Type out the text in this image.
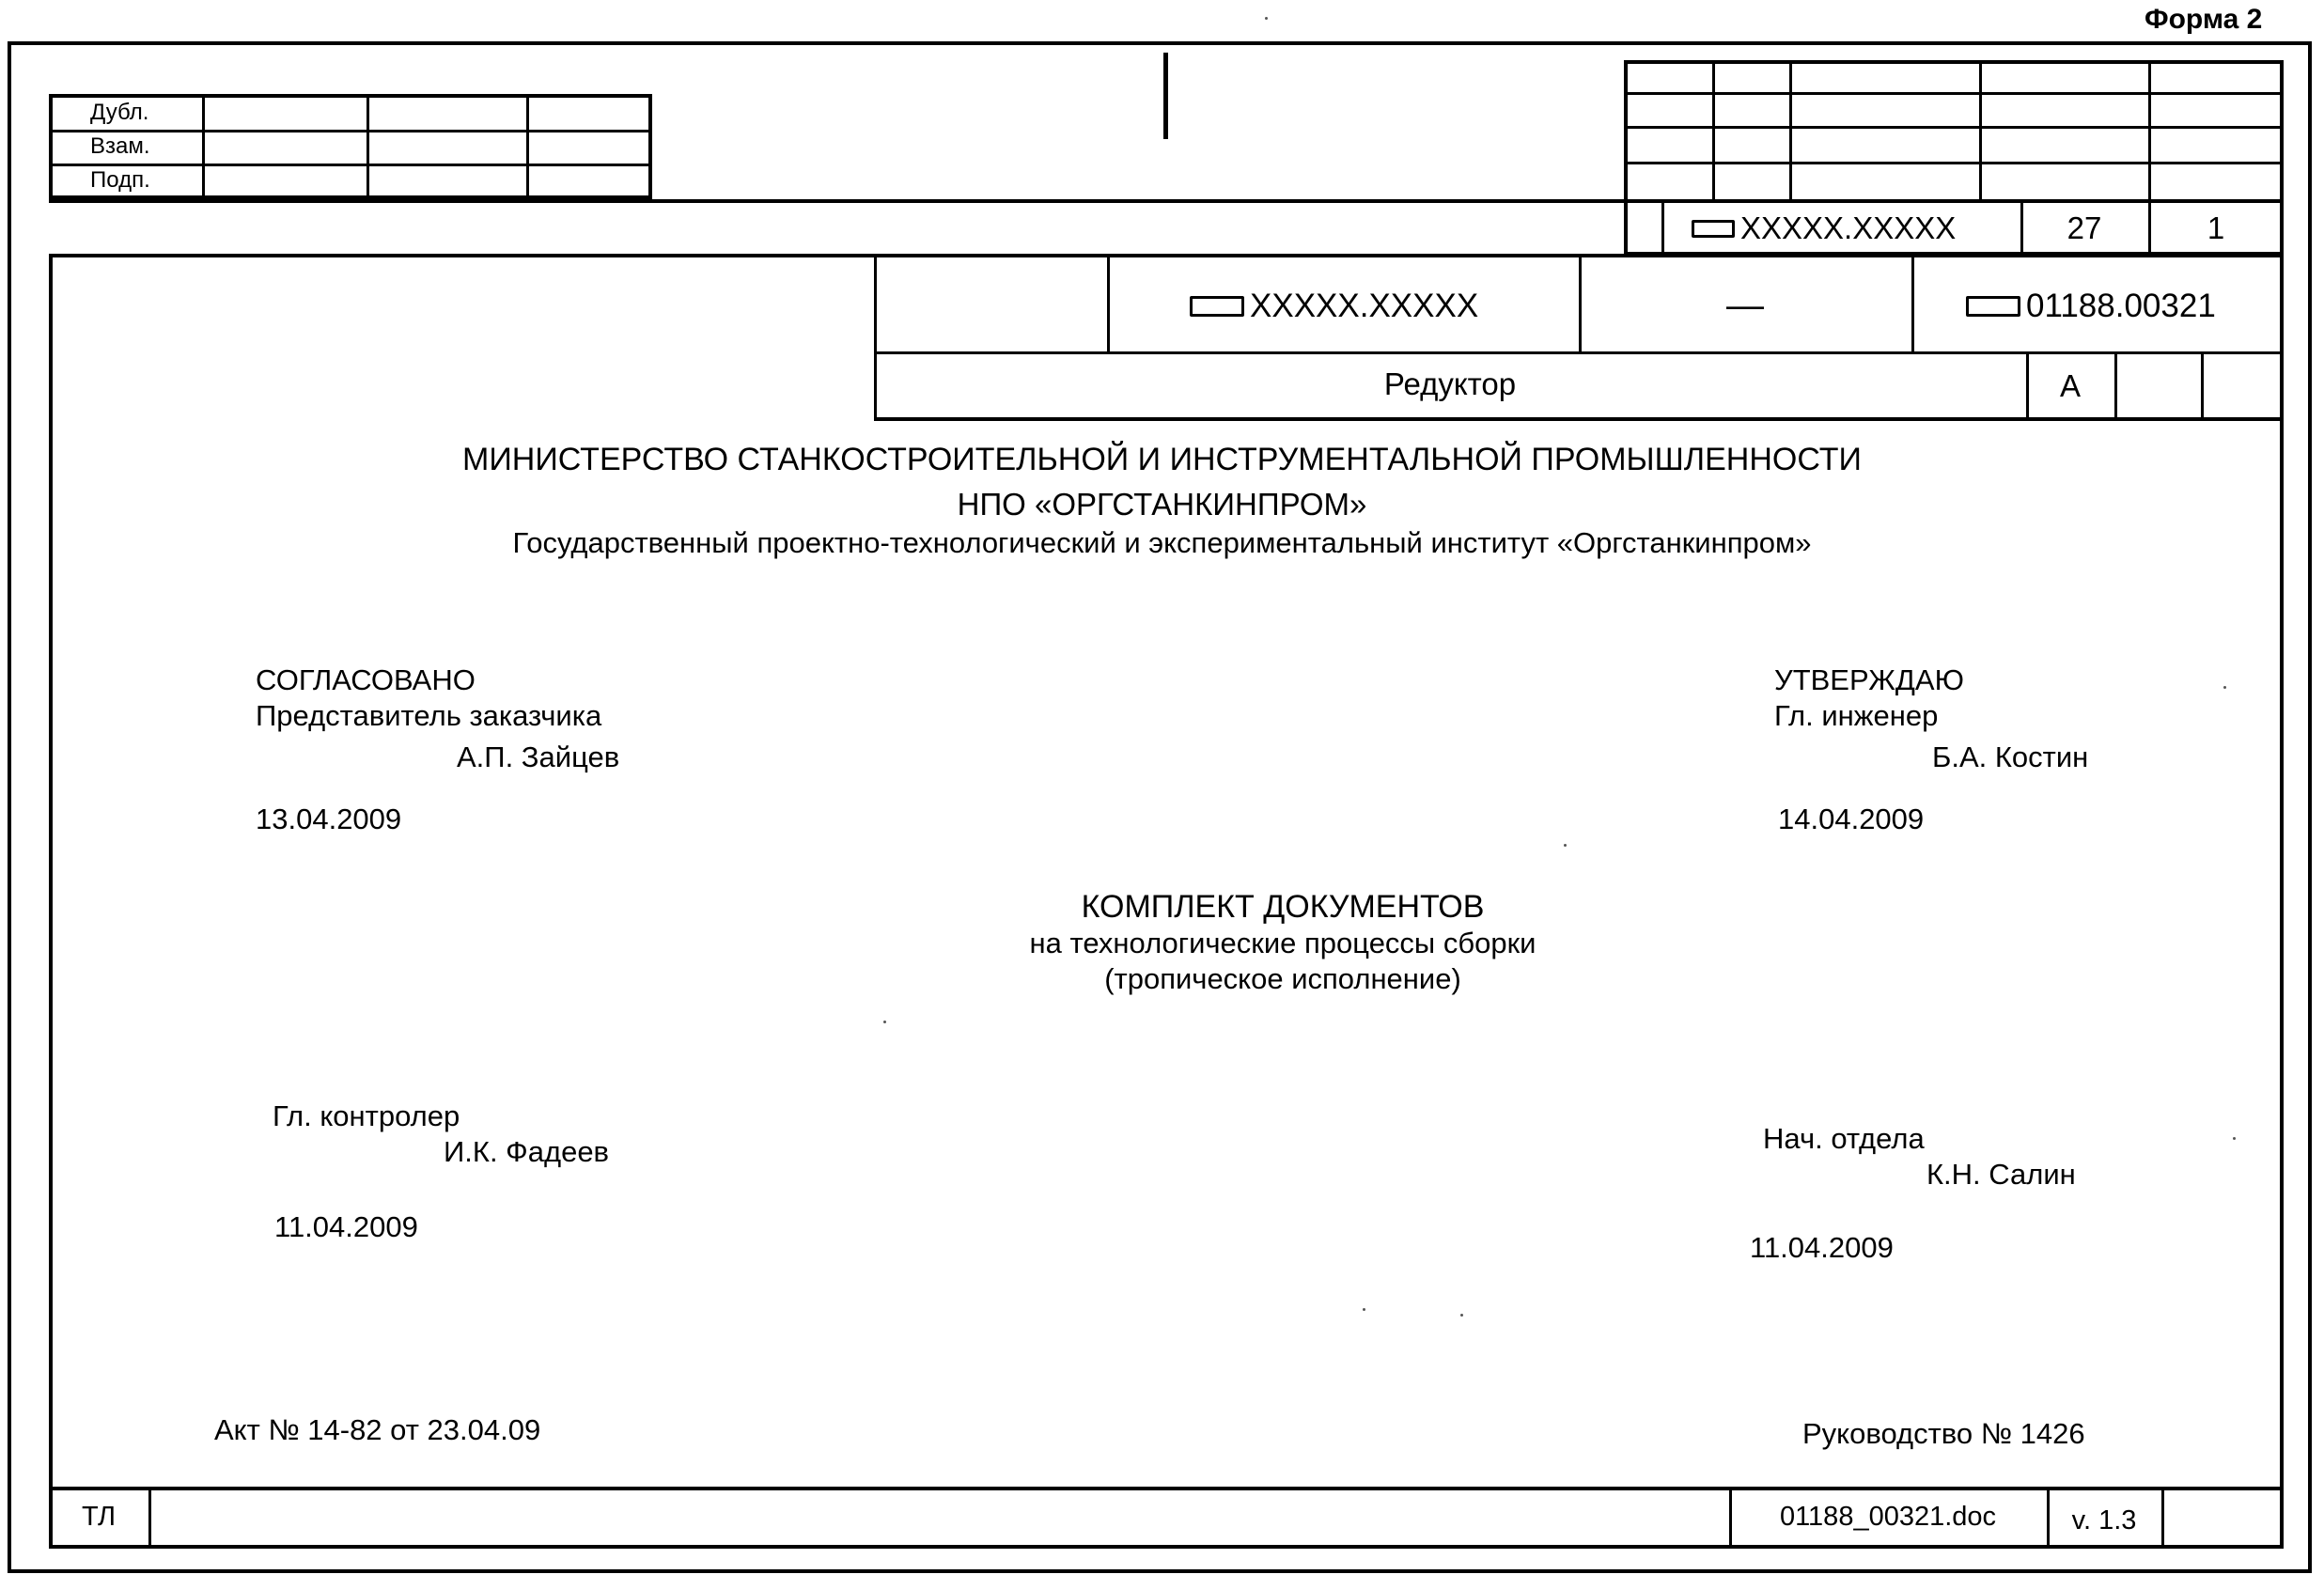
Форма 2
Дубл.
Взам.
Подп.
XXXXX.XXXXX	27	1
XXXXX.XXXXX	—	01188.00321
Редуктор	А
МИНИСТЕРСТВО СТАНКОСТРОИТЕЛЬНОЙ И ИНСТРУМЕНТАЛЬНОЙ ПРОМЫШЛЕННОСТИ
НПО «ОРГСТАНКИНПРОМ»
Государственный проектно-технологический и экспериментальный институт «Оргстанкинпром»
СОГЛАСОВАНО
Представитель заказчика
А.П. Зайцев
13.04.2009
УТВЕРЖДАЮ
Гл. инженер
Б.А. Костин
14.04.2009
КОМПЛЕКТ ДОКУМЕНТОВ
на технологические процессы сборки
(тропическое исполнение)
Гл. контролер
И.К. Фадеев
11.04.2009
Нач. отдела
К.Н. Салин
11.04.2009
Акт № 14-82 от 23.04.09	Руководство № 1426
ТЛ	01188_00321.doc	v. 1.3
